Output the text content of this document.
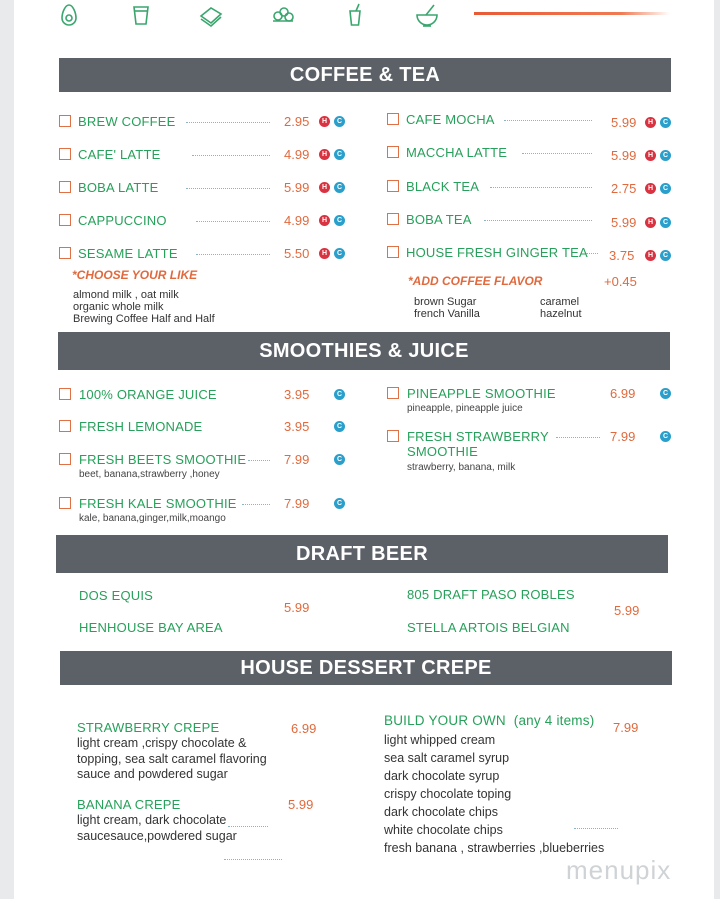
COFFEE & TEA
BREW COFFEE	2.95	H	C
CAFE' LATTE	4.99	H	C
BOBA LATTE	5.99	H	C
CAPPUCCINO	4.99	H	C
SESAME LATTE	5.50	H	C
*CHOOSE YOUR LIKE
almond milk , oat milk
organic whole milk
Brewing Coffee Half and Half
CAFE MOCHA	5.99	H	C
MACCHA LATTE	5.99	H	C
BLACK TEA	2.75	H	C
BOBA TEA	5.99	H	C
HOUSE FRESH GINGER TEA 3.75	H	C
*ADD COFFEE FLAVOR	+0.45
brown Sugar	caramel
french Vanilla	hazelnut
SMOOTHIES & JUICE
100% ORANGE JUICE	3.95	C
FRESH LEMONADE	3.95	C
FRESH BEETS SMOOTHIE	7.99	C
beet, banana,strawberry ,honey
FRESH KALE SMOOTHIE	7.99	C
kale, banana,ginger,milk,moango
PINEAPPLE SMOOTHIE	6.99	C
pineapple, pineapple juice
FRESH STRAWBERRY	7.99	C
SMOOTHIE
strawberry, banana, milk
DRAFT BEER
DOS EQUIS
HENHOUSE BAY AREA
5.99
805 DRAFT PASO ROBLES
STELLA ARTOIS BELGIAN
5.99
HOUSE DESSERT CREPE
STRAWBERRY CREPE	6.99
light cream ,crispy chocolate &
topping, sea salt caramel flavoring
sauce and powdered sugar
BANANA CREPE	5.99
light cream, dark chocolate
saucesauce,powdered sugar
BUILD YOUR OWN (any 4 items) 7.99
light whipped cream
sea salt caramel syrup
dark chocolate syrup
crispy chocolate toping
dark chocolate chips
white chocolate chips
fresh banana , strawberries ,blueberries
menupix
